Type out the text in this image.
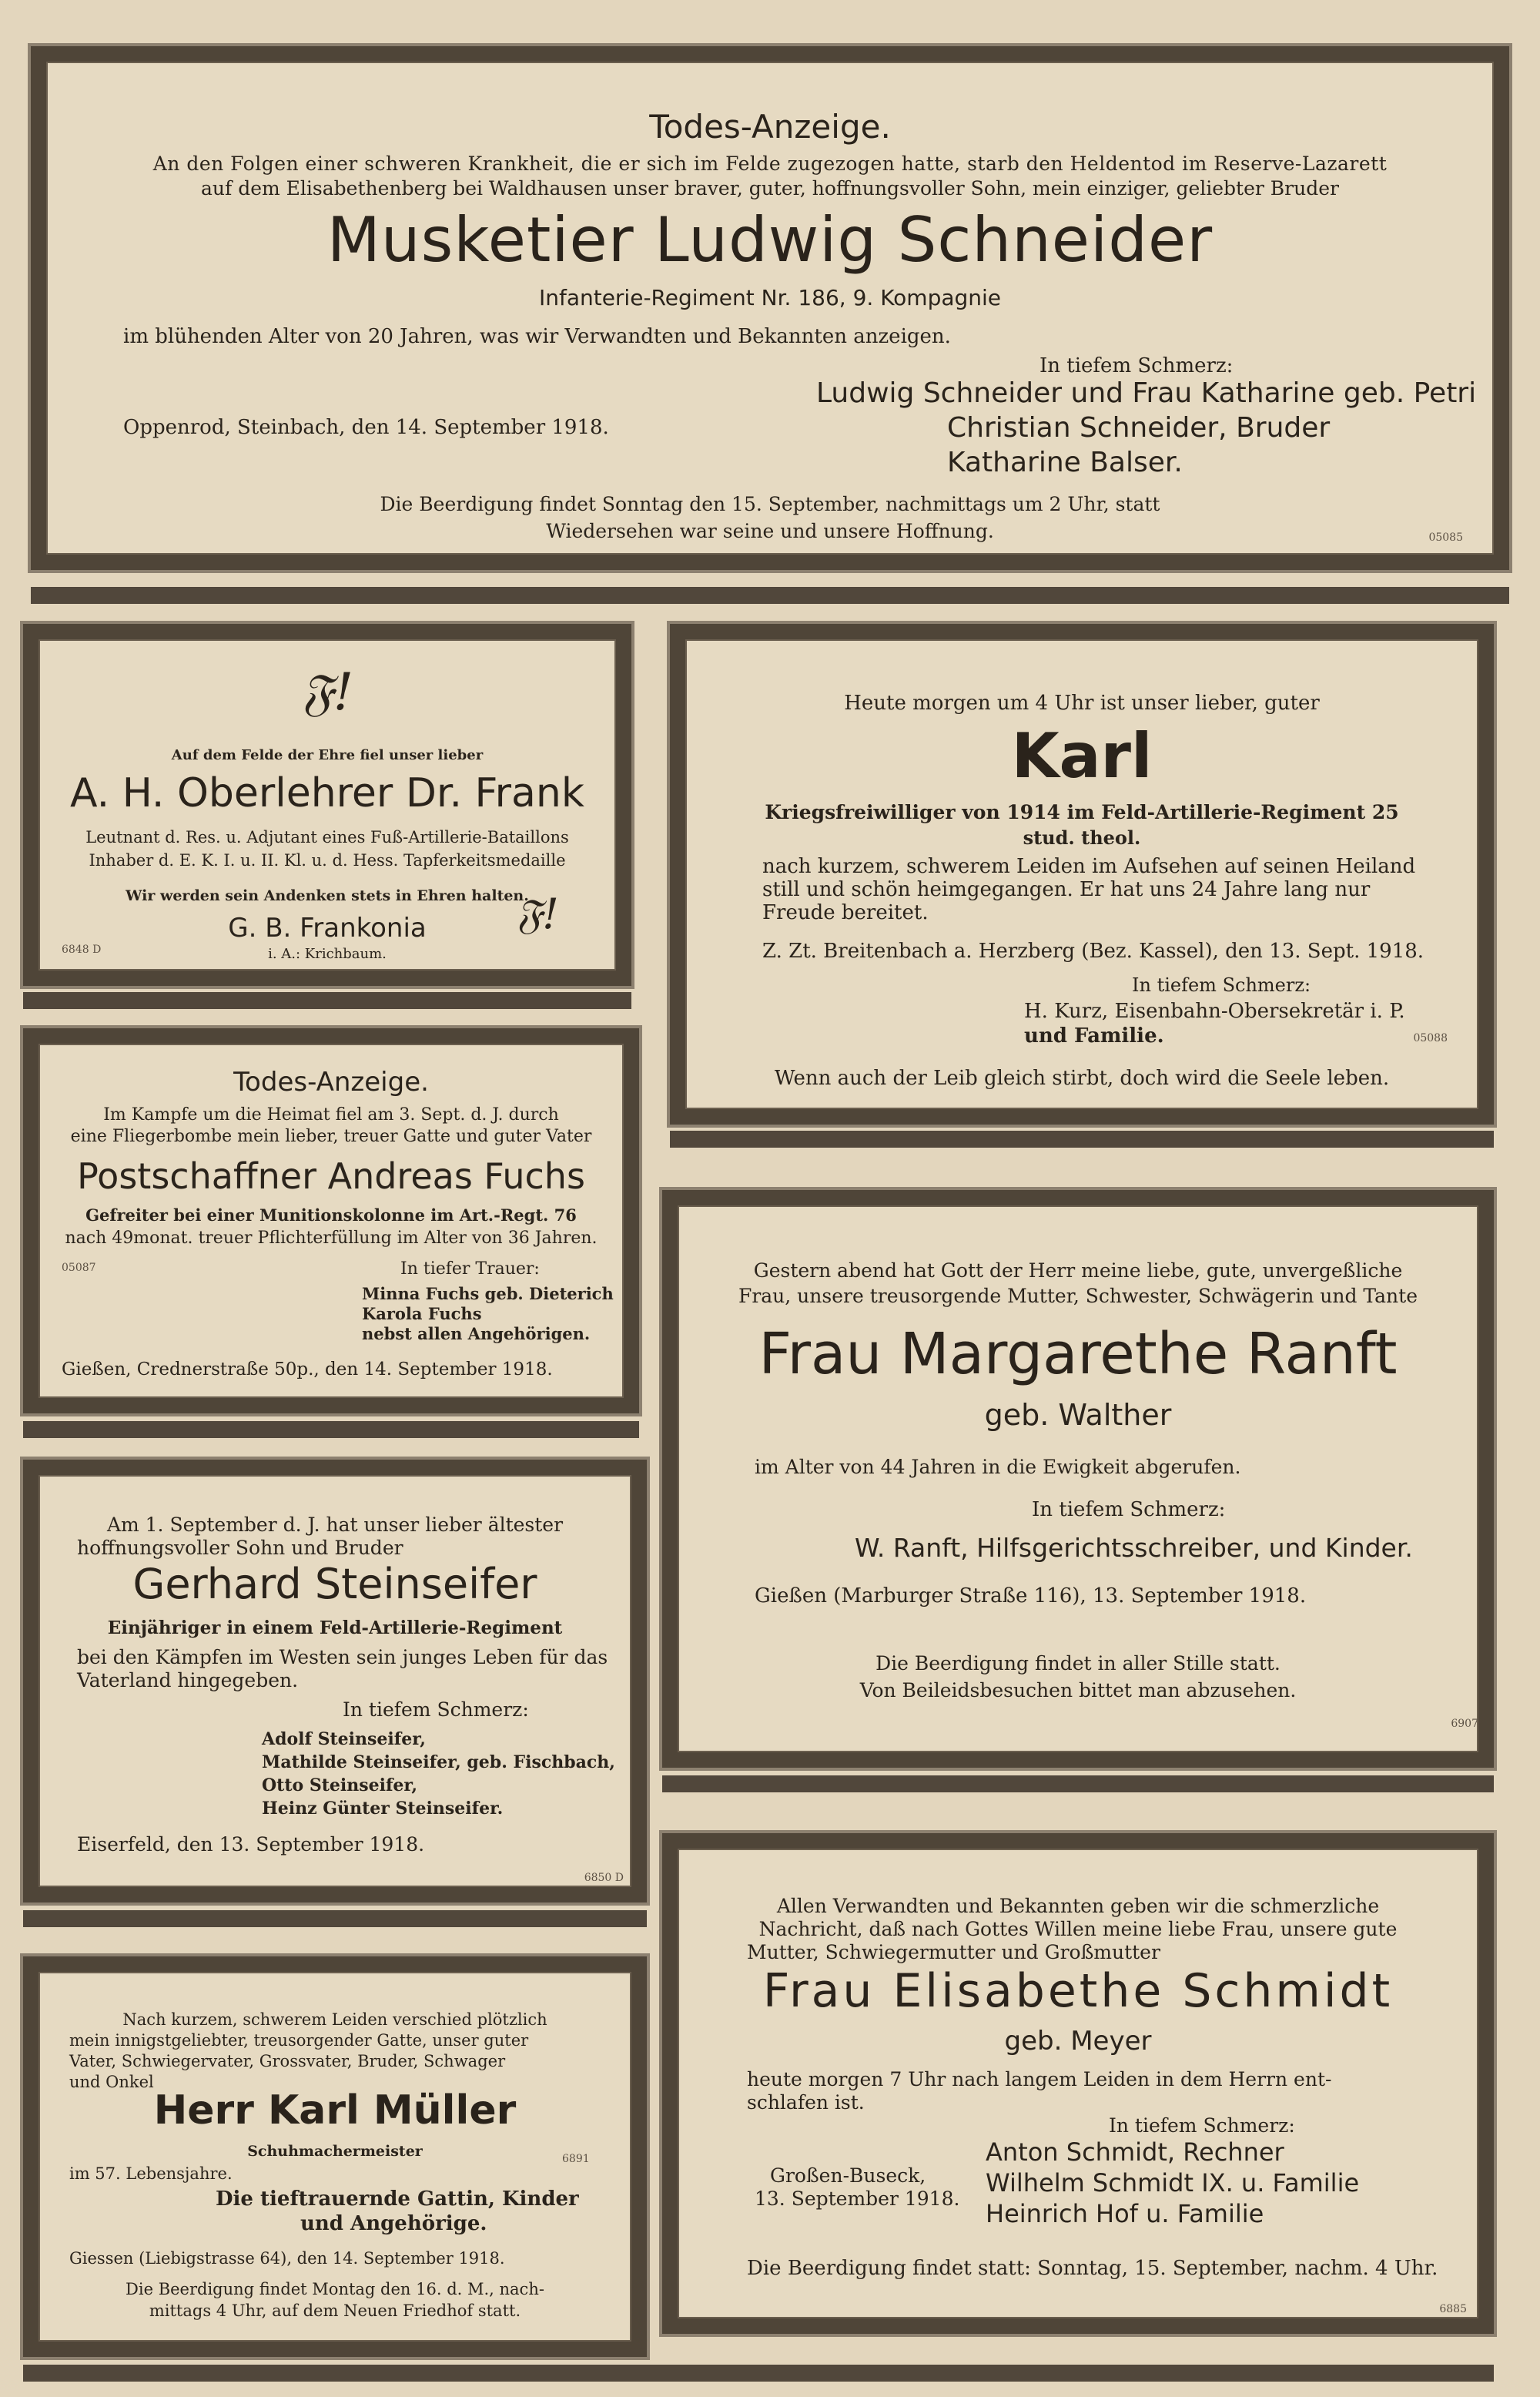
Todes-Anzeige.
An den Folgen einer schweren Krankheit, die er sich im Felde zugezogen hatte, starb den Heldentod im Reserve-Lazarett
auf dem Elisabethenberg bei Waldhausen unser braver, guter, hoffnungsvoller Sohn, mein einziger, geliebter Bruder
Musketier Ludwig Schneider
Infanterie-Regiment Nr. 186, 9. Kompagnie
im blühenden Alter von 20 Jahren, was wir Verwandten und Bekannten anzeigen.
In tiefem Schmerz:
Ludwig Schneider und Frau Katharine geb. Petri
Oppenrod, Steinbach, den 14. September 1918.	Christian Schneider, Bruder
Katharine Balser.
Die Beerdigung findet Sonntag den 15. September, nachmittags um 2 Uhr, statt
Wiedersehen war seine und unsere Hoffnung.	05085
𝔉!
Auf dem Felde der Ehre fiel unser lieber
A. H. Oberlehrer Dr. Frank
Leutnant d. Res. u. Adjutant eines Fuß-Artillerie-Bataillons
Inhaber d. E. K. I. u. II. Kl. u. d. Hess. Tapferkeitsmedaille
Wir werden sein Andenken stets in Ehren halten.
𝔉!
G. B. Frankonia
i. A.: Krichbaum.
6848 D
Heute morgen um 4 Uhr ist unser lieber, guter
Karl
Kriegsfreiwilliger von 1914 im Feld-Artillerie-Regiment 25
stud. theol.
nach kurzem, schwerem Leiden im Aufsehen auf seinen Heiland
still und schön heimgegangen. Er hat uns 24 Jahre lang nur
Freude bereitet.
Z. Zt. Breitenbach a. Herzberg (Bez. Kassel), den 13. Sept. 1918.
In tiefem Schmerz:
H. Kurz, Eisenbahn-Obersekretär i. P.
und Familie.	05088
Wenn auch der Leib gleich stirbt, doch wird die Seele leben.
Todes-Anzeige.
Im Kampfe um die Heimat fiel am 3. Sept. d. J. durch
eine Fliegerbombe mein lieber, treuer Gatte und guter Vater
Postschaffner Andreas Fuchs
Gefreiter bei einer Munitionskolonne im Art.-Regt. 76
nach 49monat. treuer Pflichterfüllung im Alter von 36 Jahren.
05087	In tiefer Trauer:
Minna Fuchs geb. Dieterich
Karola Fuchs
nebst allen Angehörigen.
Gießen, Crednerstraße 50p., den 14. September 1918.
Gestern abend hat Gott der Herr meine liebe, gute, unvergeßliche
Frau, unsere treusorgende Mutter, Schwester, Schwägerin und Tante
Frau Margarethe Ranft
geb. Walther
im Alter von 44 Jahren in die Ewigkeit abgerufen.
In tiefem Schmerz:
W. Ranft, Hilfsgerichtsschreiber, und Kinder.
Gießen (Marburger Straße 116), 13. September 1918.
Die Beerdigung findet in aller Stille statt.
Von Beileidsbesuchen bittet man abzusehen.
6907
Am 1. September d. J. hat unser lieber ältester
hoffnungsvoller Sohn und Bruder
Gerhard Steinseifer
Einjähriger in einem Feld-Artillerie-Regiment
bei den Kämpfen im Westen sein junges Leben für das
Vaterland hingegeben.
In tiefem Schmerz:
Adolf Steinseifer,
Mathilde Steinseifer, geb. Fischbach,
Otto Steinseifer,
Heinz Günter Steinseifer.
Eiserfeld, den 13. September 1918.
6850 D
Nach kurzem, schwerem Leiden verschied plötzlich
mein innigstgeliebter, treusorgender Gatte, unser guter
Vater, Schwiegervater, Grossvater, Bruder, Schwager
und Onkel
Herr Karl Müller
Schuhmachermeister
im 57. Lebensjahre.
6891
Die tieftrauernde Gattin, Kinder
und Angehörige.
Giessen (Liebigstrasse 64), den 14. September 1918.
Die Beerdigung findet Montag den 16. d. M., nach-
mittags 4 Uhr, auf dem Neuen Friedhof statt.
Allen Verwandten und Bekannten geben wir die schmerzliche
Nachricht, daß nach Gottes Willen meine liebe Frau, unsere gute
Mutter, Schwiegermutter und Großmutter
Frau Elisabethe Schmidt
geb. Meyer
heute morgen 7 Uhr nach langem Leiden in dem Herrn ent-
schlafen ist.
In tiefem Schmerz:
Großen-Buseck,
13. September 1918.
Anton Schmidt, Rechner
Wilhelm Schmidt IX. u. Familie
Heinrich Hof u. Familie
Die Beerdigung findet statt: Sonntag, 15. September, nachm. 4 Uhr.
6885
